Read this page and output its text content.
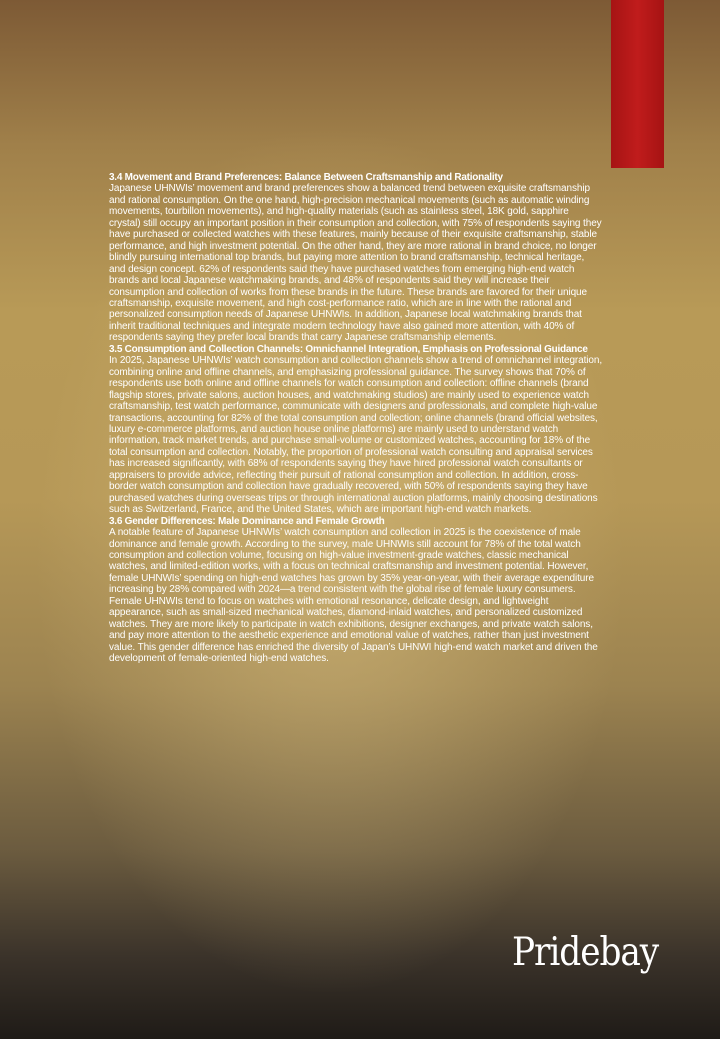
3.4 Movement and Brand Preferences: Balance Between Craftsmanship and Rationality

Japanese UHNWIs’ movement and brand preferences show a balanced trend between exquisite craftsmanship and rational consumption. On the one hand, high-precision mechanical movements (such as automatic winding movements, tourbillon movements), and high-quality materials (such as stainless steel, 18K gold, sapphire crystal) still occupy an important position in their consumption and collection, with 75% of respondents saying they have purchased or collected watches with these features, mainly because of their exquisite craftsmanship, stable performance, and high investment potential. On the other hand, they are more rational in brand choice, no longer blindly pursuing international top brands, but paying more attention to brand craftsmanship, technical heritage, and design concept. 62% of respondents said they have purchased watches from emerging high-end watch brands and local Japanese watchmaking brands, and 48% of respondents said they will increase their consumption and collection of works from these brands in the future. These brands are favored for their unique craftsmanship, exquisite movement, and high cost-performance ratio, which are in line with the rational and personalized consumption needs of Japanese UHNWIs. In addition, Japanese local watchmaking brands that inherit traditional techniques and integrate modern technology have also gained more attention, with 40% of respondents saying they prefer local brands that carry Japanese craftsmanship elements.

3.5 Consumption and Collection Channels: Omnichannel Integration, Emphasis on Professional Guidance

In 2025, Japanese UHNWIs’ watch consumption and collection channels show a trend of omnichannel integration, combining online and offline channels, and emphasizing professional guidance. The survey shows that 70% of respondents use both online and offline channels for watch consumption and collection: offline channels (brand flagship stores, private salons, auction houses, and watchmaking studios) are mainly used to experience watch craftsmanship, test watch performance, communicate with designers and professionals, and complete high-value transactions, accounting for 82% of the total consumption and collection; online channels (brand official websites, luxury e-commerce platforms, and auction house online platforms) are mainly used to understand watch information, track market trends, and purchase small-volume or customized watches, accounting for 18% of the total consumption and collection. Notably, the proportion of professional watch consulting and appraisal services has increased significantly, with 68% of respondents saying they have hired professional watch consultants or appraisers to provide advice, reflecting their pursuit of rational consumption and collection. In addition, cross-border watch consumption and collection have gradually recovered, with 50% of respondents saying they have purchased watches during overseas trips or through international auction platforms, mainly choosing destinations such as Switzerland, France, and the United States, which are important high-end watch markets.

3.6 Gender Differences: Male Dominance and Female Growth

A notable feature of Japanese UHNWIs’ watch consumption and collection in 2025 is the coexistence of male dominance and female growth. According to the survey, male UHNWIs still account for 78% of the total watch consumption and collection volume, focusing on high-value investment-grade watches, classic mechanical watches, and limited-edition works, with a focus on technical craftsmanship and investment potential. However, female UHNWIs’ spending on high-end watches has grown by 35% year-on-year, with their average expenditure increasing by 28% compared with 2024—a trend consistent with the global rise of female luxury consumers. Female UHNWIs tend to focus on watches with emotional resonance, delicate design, and lightweight appearance, such as small-sized mechanical watches, diamond-inlaid watches, and personalized customized watches. They are more likely to participate in watch exhibitions, designer exchanges, and private watch salons, and pay more attention to the aesthetic experience and emotional value of watches, rather than just investment value. This gender difference has enriched the diversity of Japan’s UHNWI high-end watch market and driven the development of female-oriented high-end watches.

Pridebay
